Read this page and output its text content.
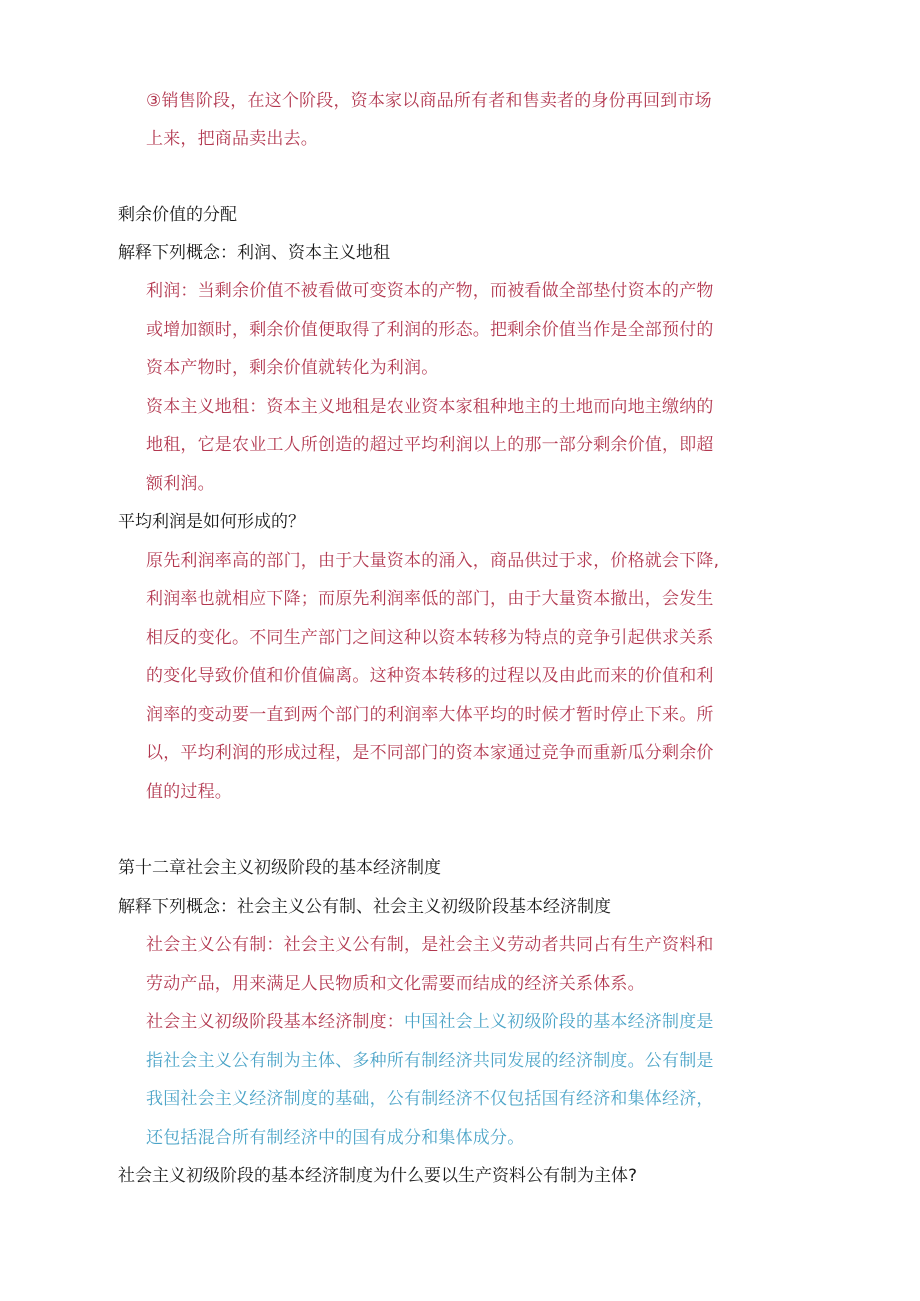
③销售阶段，在这个阶段，资本家以商品所有者和售卖者的身份再回到市场

上来，把商品卖出去。

剩余价值的分配

解释下列概念：利润、资本主义地租

利润：当剩余价值不被看做可变资本的产物，而被看做全部垫付资本的产物

或增加额时，剩余价值便取得了利润的形态。把剩余价值当作是全部预付的

资本产物时，剩余价值就转化为利润。

资本主义地租：资本主义地租是农业资本家租种地主的土地而向地主缴纳的

地租，它是农业工人所创造的超过平均利润以上的那一部分剩余价值，即超

额利润。

平均利润是如何形成的？

原先利润率高的部门，由于大量资本的涌入，商品供过于求，价格就会下降,

利润率也就相应下降；而原先利润率低的部门，由于大量资本撤出，会发生

相反的变化。不同生产部门之间这种以资本转移为特点的竞争引起供求关系

的变化导致价值和价值偏离。这种资本转移的过程以及由此而来的价值和利

润率的变动要一直到两个部门的利润率大体平均的时候才暂时停止下来。所

以，平均利润的形成过程，是不同部门的资本家通过竞争而重新瓜分剩余价

值的过程。

第十二章社会主义初级阶段的基本经济制度

解释下列概念：社会主义公有制、社会主义初级阶段基本经济制度

社会主义公有制：社会主义公有制，是社会主义劳动者共同占有生产资料和

劳动产品，用来满足人民物质和文化需要而结成的经济关系体系。

社会主义初级阶段基本经济制度：中国社会上义初级阶段的基本经济制度是

指社会主义公有制为主体、多种所有制经济共同发展的经济制度。公有制是

我国社会主义经济制度的基础，公有制经济不仅包括国有经济和集体经济，

还包括混合所有制经济中的国有成分和集体成分。

社会主义初级阶段的基本经济制度为什么要以生产资料公有制为主体?
